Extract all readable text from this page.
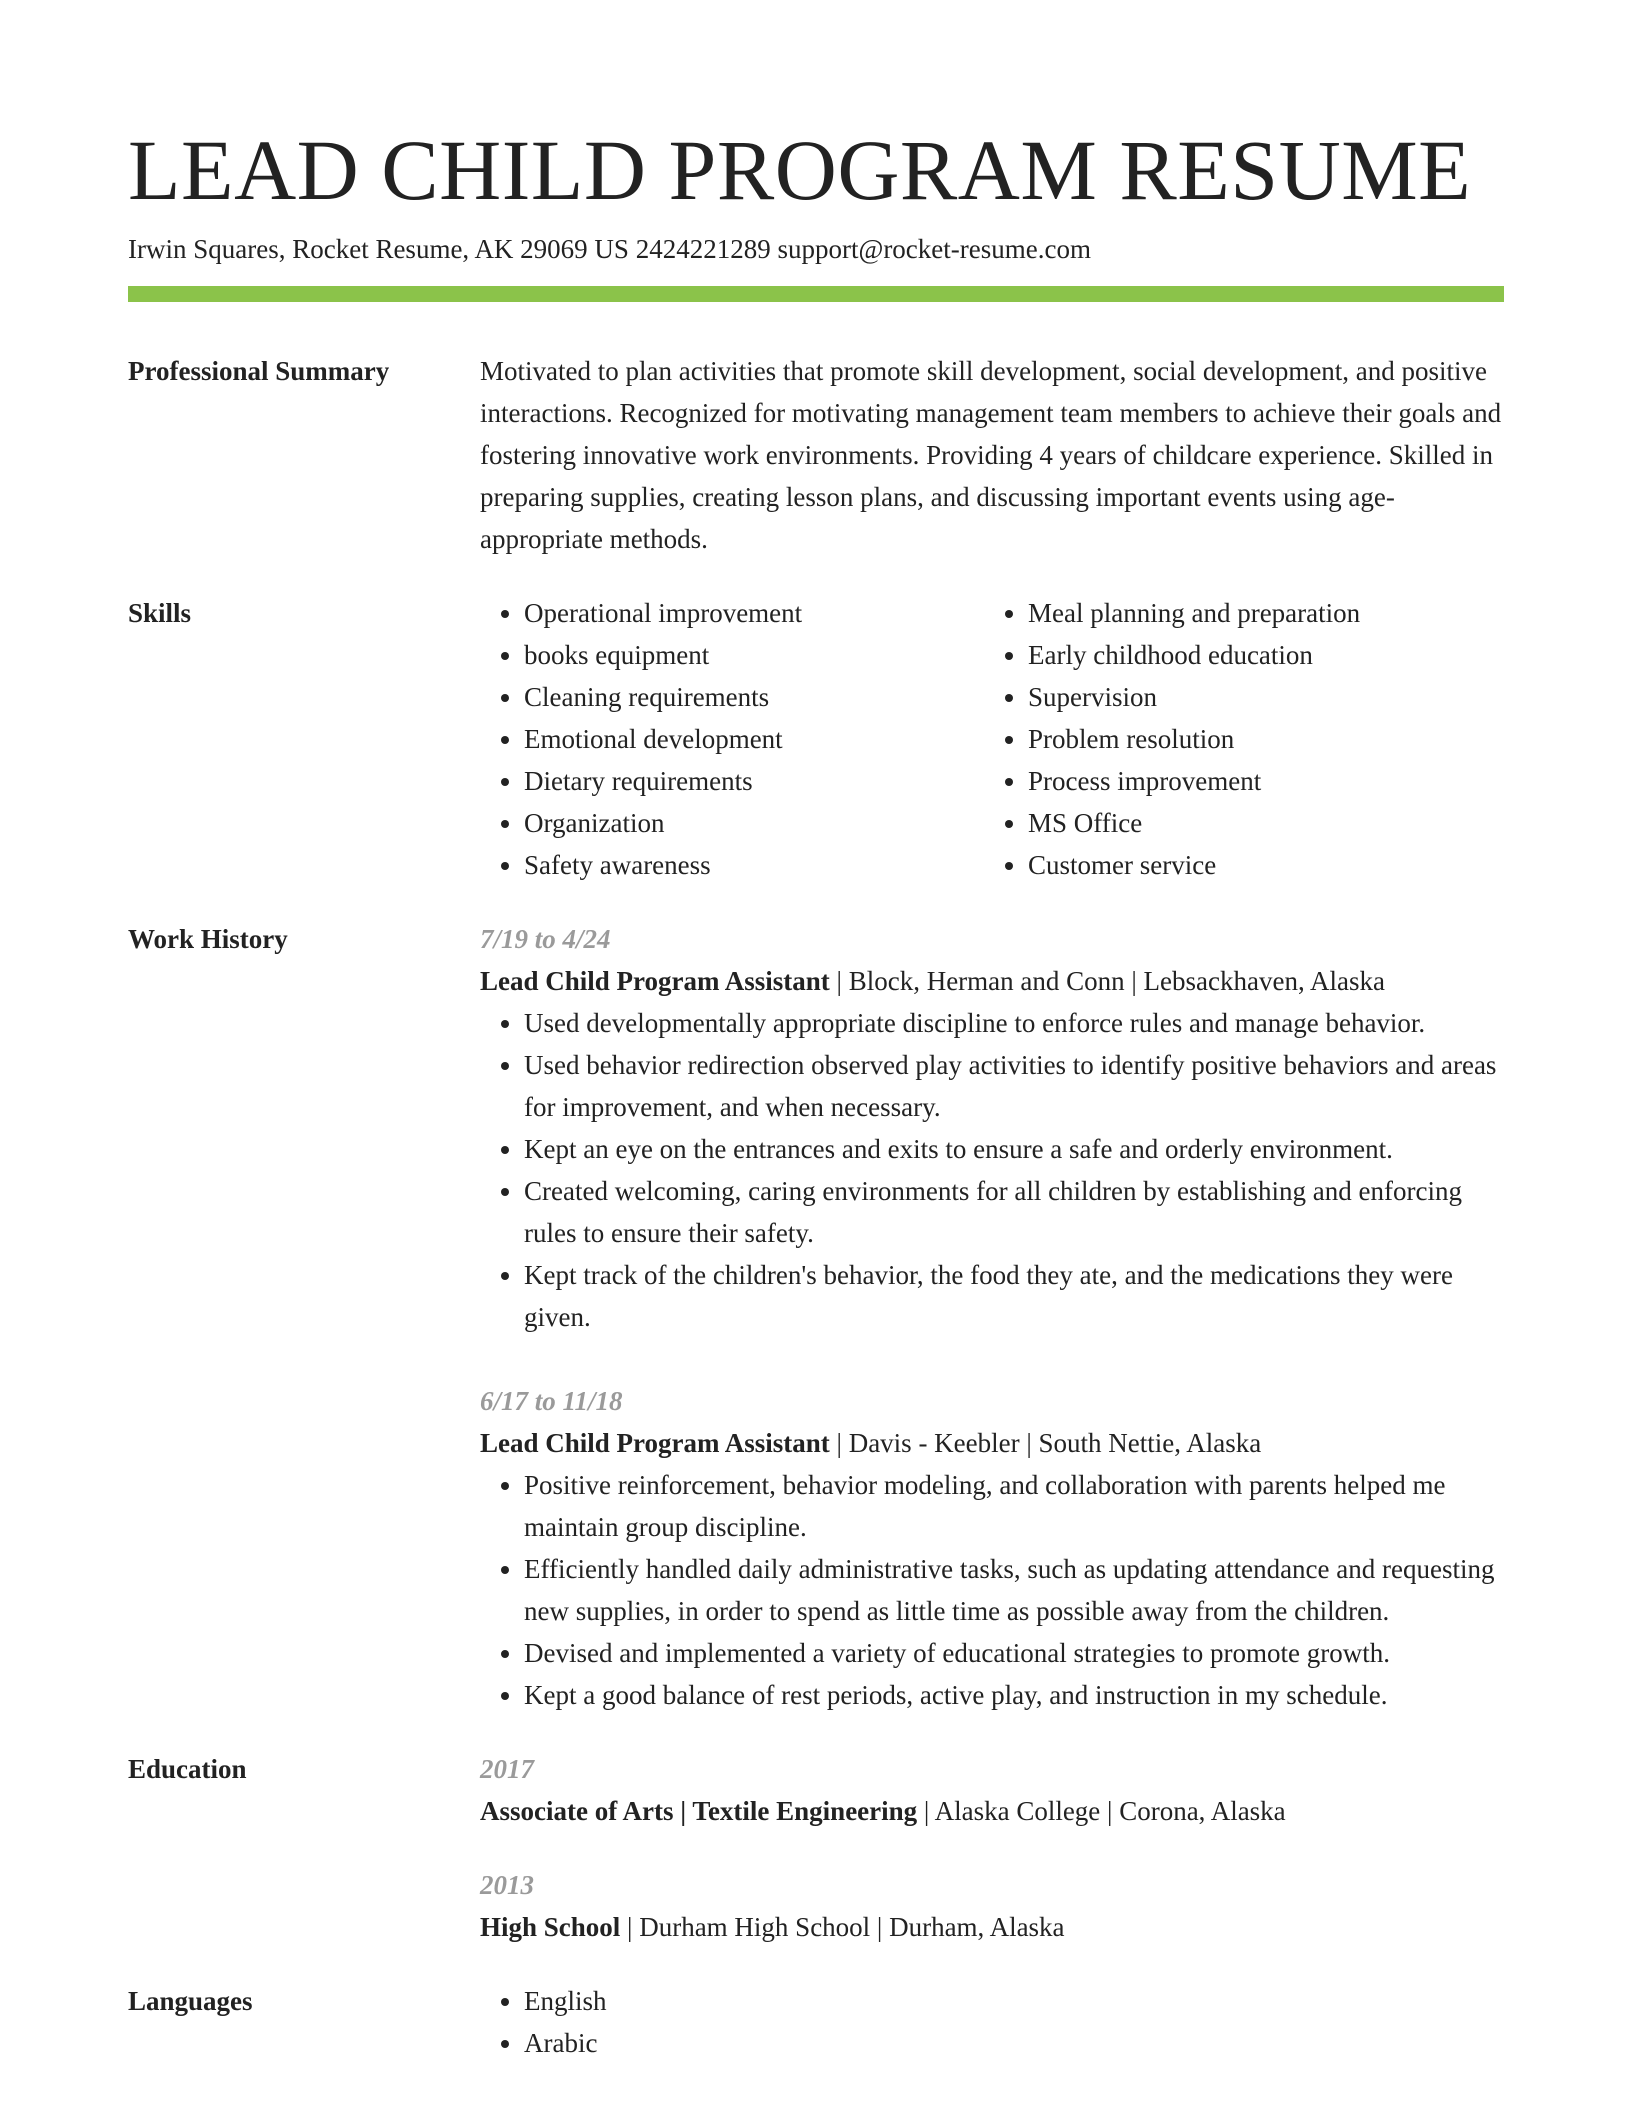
LEAD CHILD PROGRAM RESUME
Irwin Squares, Rocket Resume, AK 29069 US 2424221289 support@rocket-resume.com
Professional Summary	Motivated to plan activities that promote skill development, social development, and positive interactions. Recognized for motivating management team members to achieve their goals and fostering innovative work environments. Providing 4 years of childcare experience. Skilled in preparing supplies, creating lesson plans, and discussing important events using age-appropriate methods.

Skills	• Operational improvement
• books equipment
• Cleaning requirements
• Emotional development
• Dietary requirements
• Organization
• Safety awareness
• Meal planning and preparation
• Early childhood education
• Supervision
• Problem resolution
• Process improvement
• MS Office
• Customer service
Work History	7/19 to 4/24
Lead Child Program Assistant | Block, Herman and Conn | Lebsackhaven, Alaska
• Used developmentally appropriate discipline to enforce rules and manage behavior.
• Used behavior redirection observed play activities to identify positive behaviors and areas for improvement, and when necessary.
• Kept an eye on the entrances and exits to ensure a safe and orderly environment.
• Created welcoming, caring environments for all children by establishing and enforcing rules to ensure their safety.
• Kept track of the children's behavior, the food they ate, and the medications they were given.
6/17 to 11/18
Lead Child Program Assistant | Davis - Keebler | South Nettie, Alaska
• Positive reinforcement, behavior modeling, and collaboration with parents helped me maintain group discipline.
• Efficiently handled daily administrative tasks, such as updating attendance and requesting new supplies, in order to spend as little time as possible away from the children.
• Devised and implemented a variety of educational strategies to promote growth.
• Kept a good balance of rest periods, active play, and instruction in my schedule.
Education	2017
Associate of Arts | Textile Engineering | Alaska College | Corona, Alaska
2013
High School | Durham High School | Durham, Alaska
Languages	• English
• Arabic
